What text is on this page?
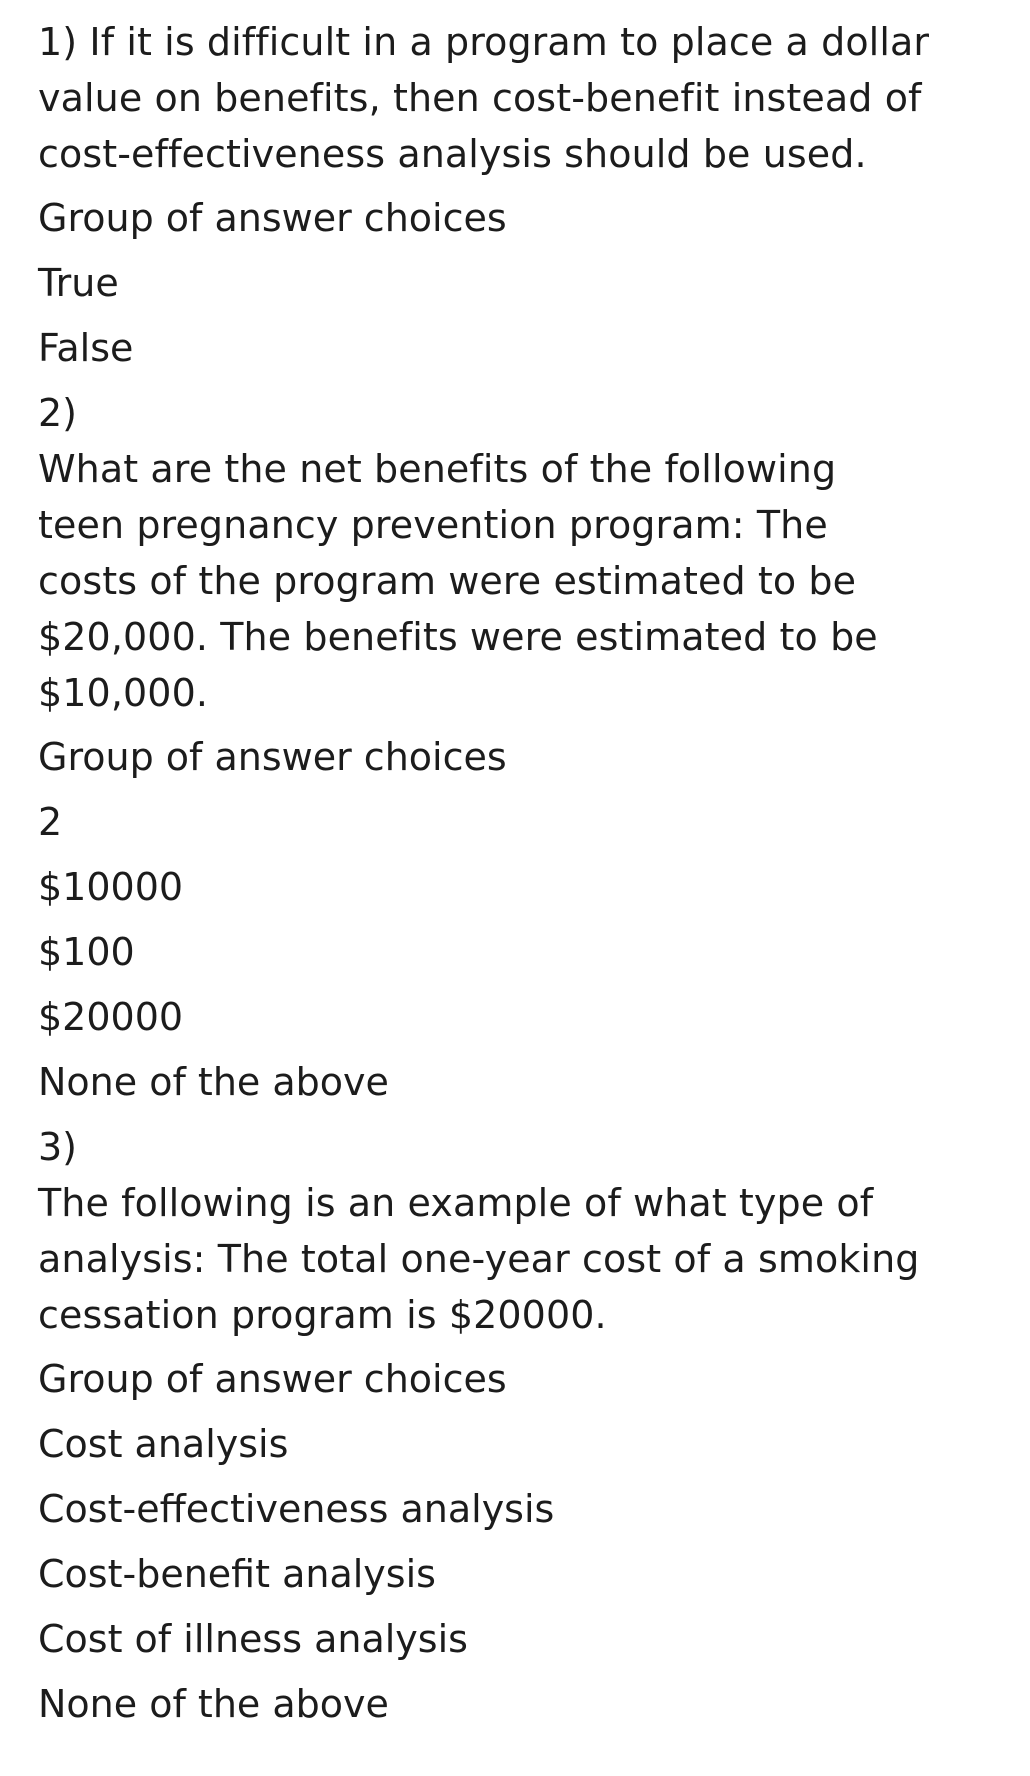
1) If it is difficult in a program to place a dollar

value on benefits, then cost-benefit instead of

cost-effectiveness analysis should be used.

Group of answer choices

True

False

2)

What are the net benefits of the following

teen pregnancy prevention program: The

costs of the program were estimated to be

$20,000. The benefits were estimated to be

$10,000.

Group of answer choices

2

$10000

$100

$20000

None of the above

3)

The following is an example of what type of

analysis: The total one-year cost of a smoking

cessation program is $20000.

Group of answer choices

Cost analysis

Cost-effectiveness analysis

Cost-benefit analysis

Cost of illness analysis

None of the above
